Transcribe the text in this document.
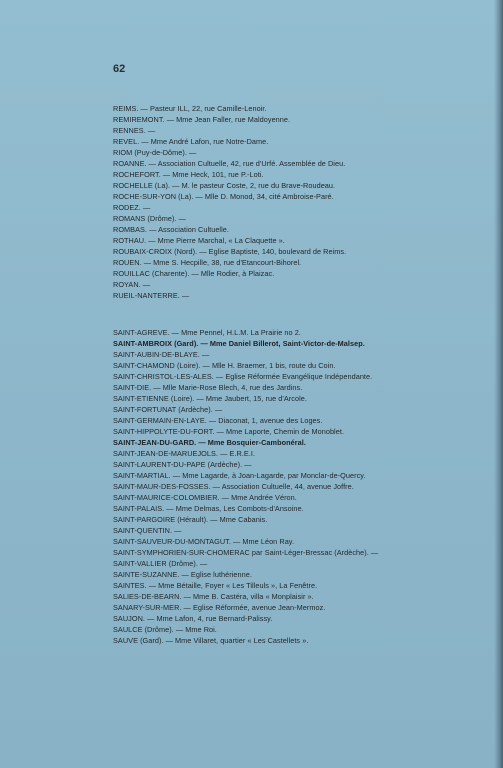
62
REIMS. — Pasteur ILL, 22, rue Camille-Lenoir.
REMIREMONT. — Mme Jean Faller, rue Maldoyenne.
RENNES. —
REVEL. — Mme André Lafon, rue Notre-Dame.
RIOM (Puy-de-Dôme). —
ROANNE. — Association Cultuelle, 42, rue d'Urfé. Assemblée de Dieu.
ROCHEFORT. — Mme Heck, 101, rue P.-Loti.
ROCHELLE (La). — M. le pasteur Coste, 2, rue du Brave-Roudeau.
ROCHE-SUR-YON (La). — Mlle D. Monod, 34, cité Ambroise-Paré.
RODEZ. —
ROMANS (Drôme). —
ROMBAS. — Association Cultuelle.
ROTHAU. — Mme Pierre Marchal, « La Claquette ».
ROUBAIX-CROIX (Nord). — Eglise Baptiste, 140, boulevard de Reims.
ROUEN. — Mme S. Hecpille, 38, rue d'Etancourt-Bihorel.
ROUILLAC (Charente). — Mlle Rodier, à Plaizac.
ROYAN. —
RUEIL-NANTERRE. —
SAINT-AGREVE. — Mme Pennel, H.L.M. La Prairie no 2.
SAINT-AMBROIX (Gard). — Mme Daniel Billerot, Saint-Victor-de-Malsep.
SAINT-AUBIN-DE-BLAYE. —
SAINT-CHAMOND (Loire). — Mlle H. Braemer, 1 bis, route du Coin.
SAINT-CHRISTOL-LES-ALES. — Eglise Réformée Evangélique Indépendante.
SAINT-DIE. — Mlle Marie-Rose Blech, 4, rue des Jardins.
SAINT-ETIENNE (Loire). — Mme Jaubert, 15, rue d'Arcole.
SAINT-FORTUNAT (Ardèche). —
SAINT-GERMAIN-EN-LAYE. — Diaconat, 1, avenue des Loges.
SAINT-HIPPOLYTE-DU-FORT. — Mme Laporte, Chemin de Monoblet.
SAINT-JEAN-DU-GARD. — Mme Bosquier-Cambonéral.
SAINT-JEAN-DE-MARUEJOLS. — E.R.E.I.
SAINT-LAURENT-DU-PAPE (Ardèche). —
SAINT-MARTIAL. — Mme Lagarde, à Joan-Lagarde, par Monclar-de-Quercy.
SAINT-MAUR-DES-FOSSES. — Association Cultuelle, 44, avenue Joffre.
SAINT-MAURICE-COLOMBIER. — Mme Andrée Véron.
SAINT-PALAIS. — Mme Delmas, Les Combots-d'Ansoine.
SAINT-PARGOIRE (Hérault). — Mme Cabanis.
SAINT-QUENTIN. —
SAINT-SAUVEUR-DU-MONTAGUT. — Mme Léon Ray.
SAINT-SYMPHORIEN-SUR-CHOMERAC par Saint-Léger-Bressac (Ardèche). —
SAINT-VALLIER (Drôme). —
SAINTE-SUZANNE. — Eglise luthérienne.
SAINTES. — Mme Bétaille, Foyer « Les Tilleuls », La Fenêtre.
SALIES-DE-BEARN. — Mme B. Castéra, villa « Monplaisir ».
SANARY-SUR-MER. — Eglise Réformée, avenue Jean-Mermoz.
SAUJON. — Mme Lafon, 4, rue Bernard-Palissy.
SAULCE (Drôme). — Mme Roi.
SAUVE (Gard). — Mme Villaret, quartier « Les Castellets ».
